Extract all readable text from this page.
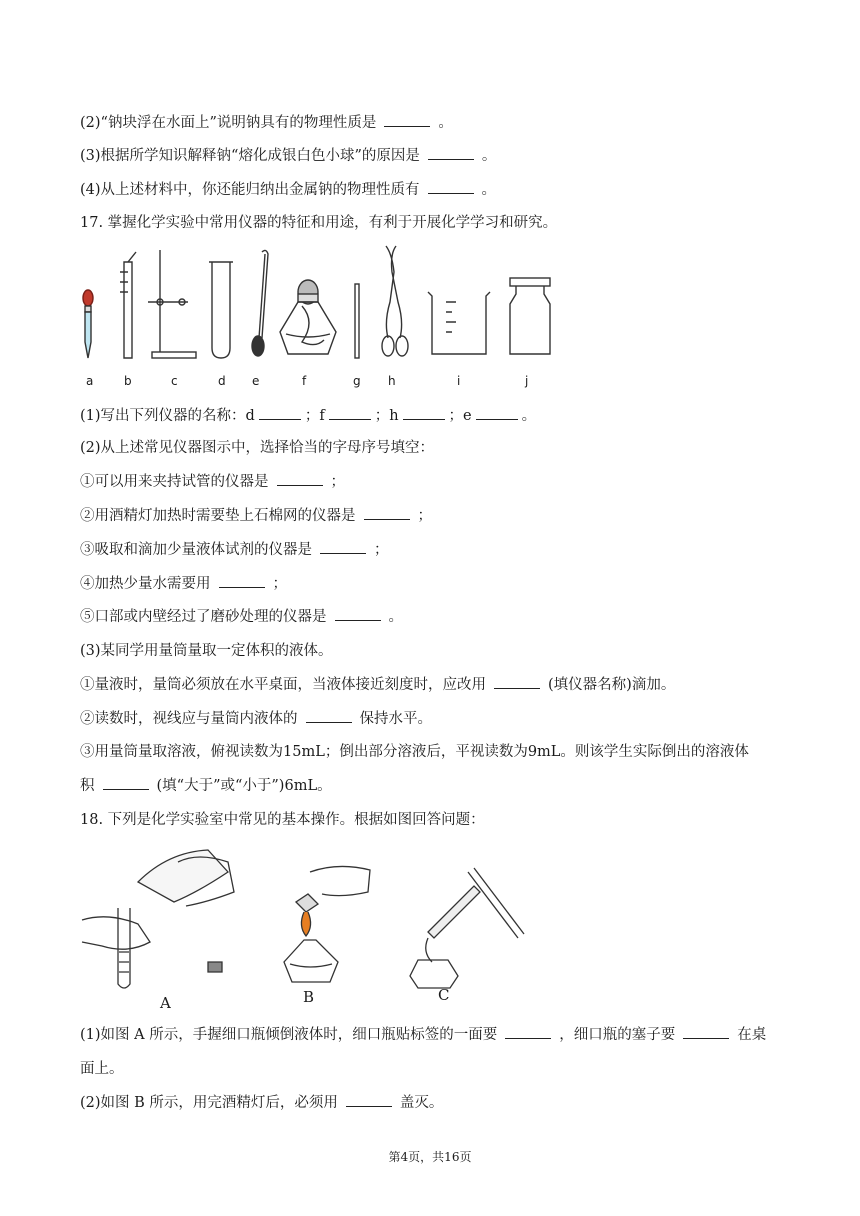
(2)“钠块浮在水面上”说明钠具有的物理性质是	。
(3)根据所学知识解释钠“熔化成银白色小球”的原因是	。
(4)从上述材料中，你还能归纳出金属钠的物理性质有	。
17. 掌握化学实验中常用仪器的特征和用途，有利于开展化学学习和研究。
a	b	c	d e	f	g h	i	j
(1)写出下列仪器的名称：d	；f	；h	；e	。
(2)从上述常见仪器图示中，选择恰当的字母序号填空：
①可以用来夹持试管的仪器是	；
②用酒精灯加热时需要垫上石棉网的仪器是	；
③吸取和滴加少量液体试剂的仪器是	；
④加热少量水需要用	；
⑤口部或内壁经过了磨砂处理的仪器是	。
(3)某同学用量筒量取一定体积的液体。
①量液时，量筒必须放在水平桌面，当液体接近刻度时，应改用	(填仪器名称)滴加。
②读数时，视线应与量筒内液体的	保持水平。
③用量筒量取溶液，俯视读数为15mL；倒出部分溶液后，平视读数为9mL。则该学生实际倒出的溶液体
积	(填“大于”或“小于”)6mL。
18. 下列是化学实验室中常见的基本操作。根据如图回答问题：
A	B	C
(1)如图 A 所示，手握细口瓶倾倒液体时，细口瓶贴标签的一面要	，细口瓶的塞子要	在桌
面上。
(2)如图 B 所示，用完酒精灯后，必须用	盖灭。
第4页，共16页
